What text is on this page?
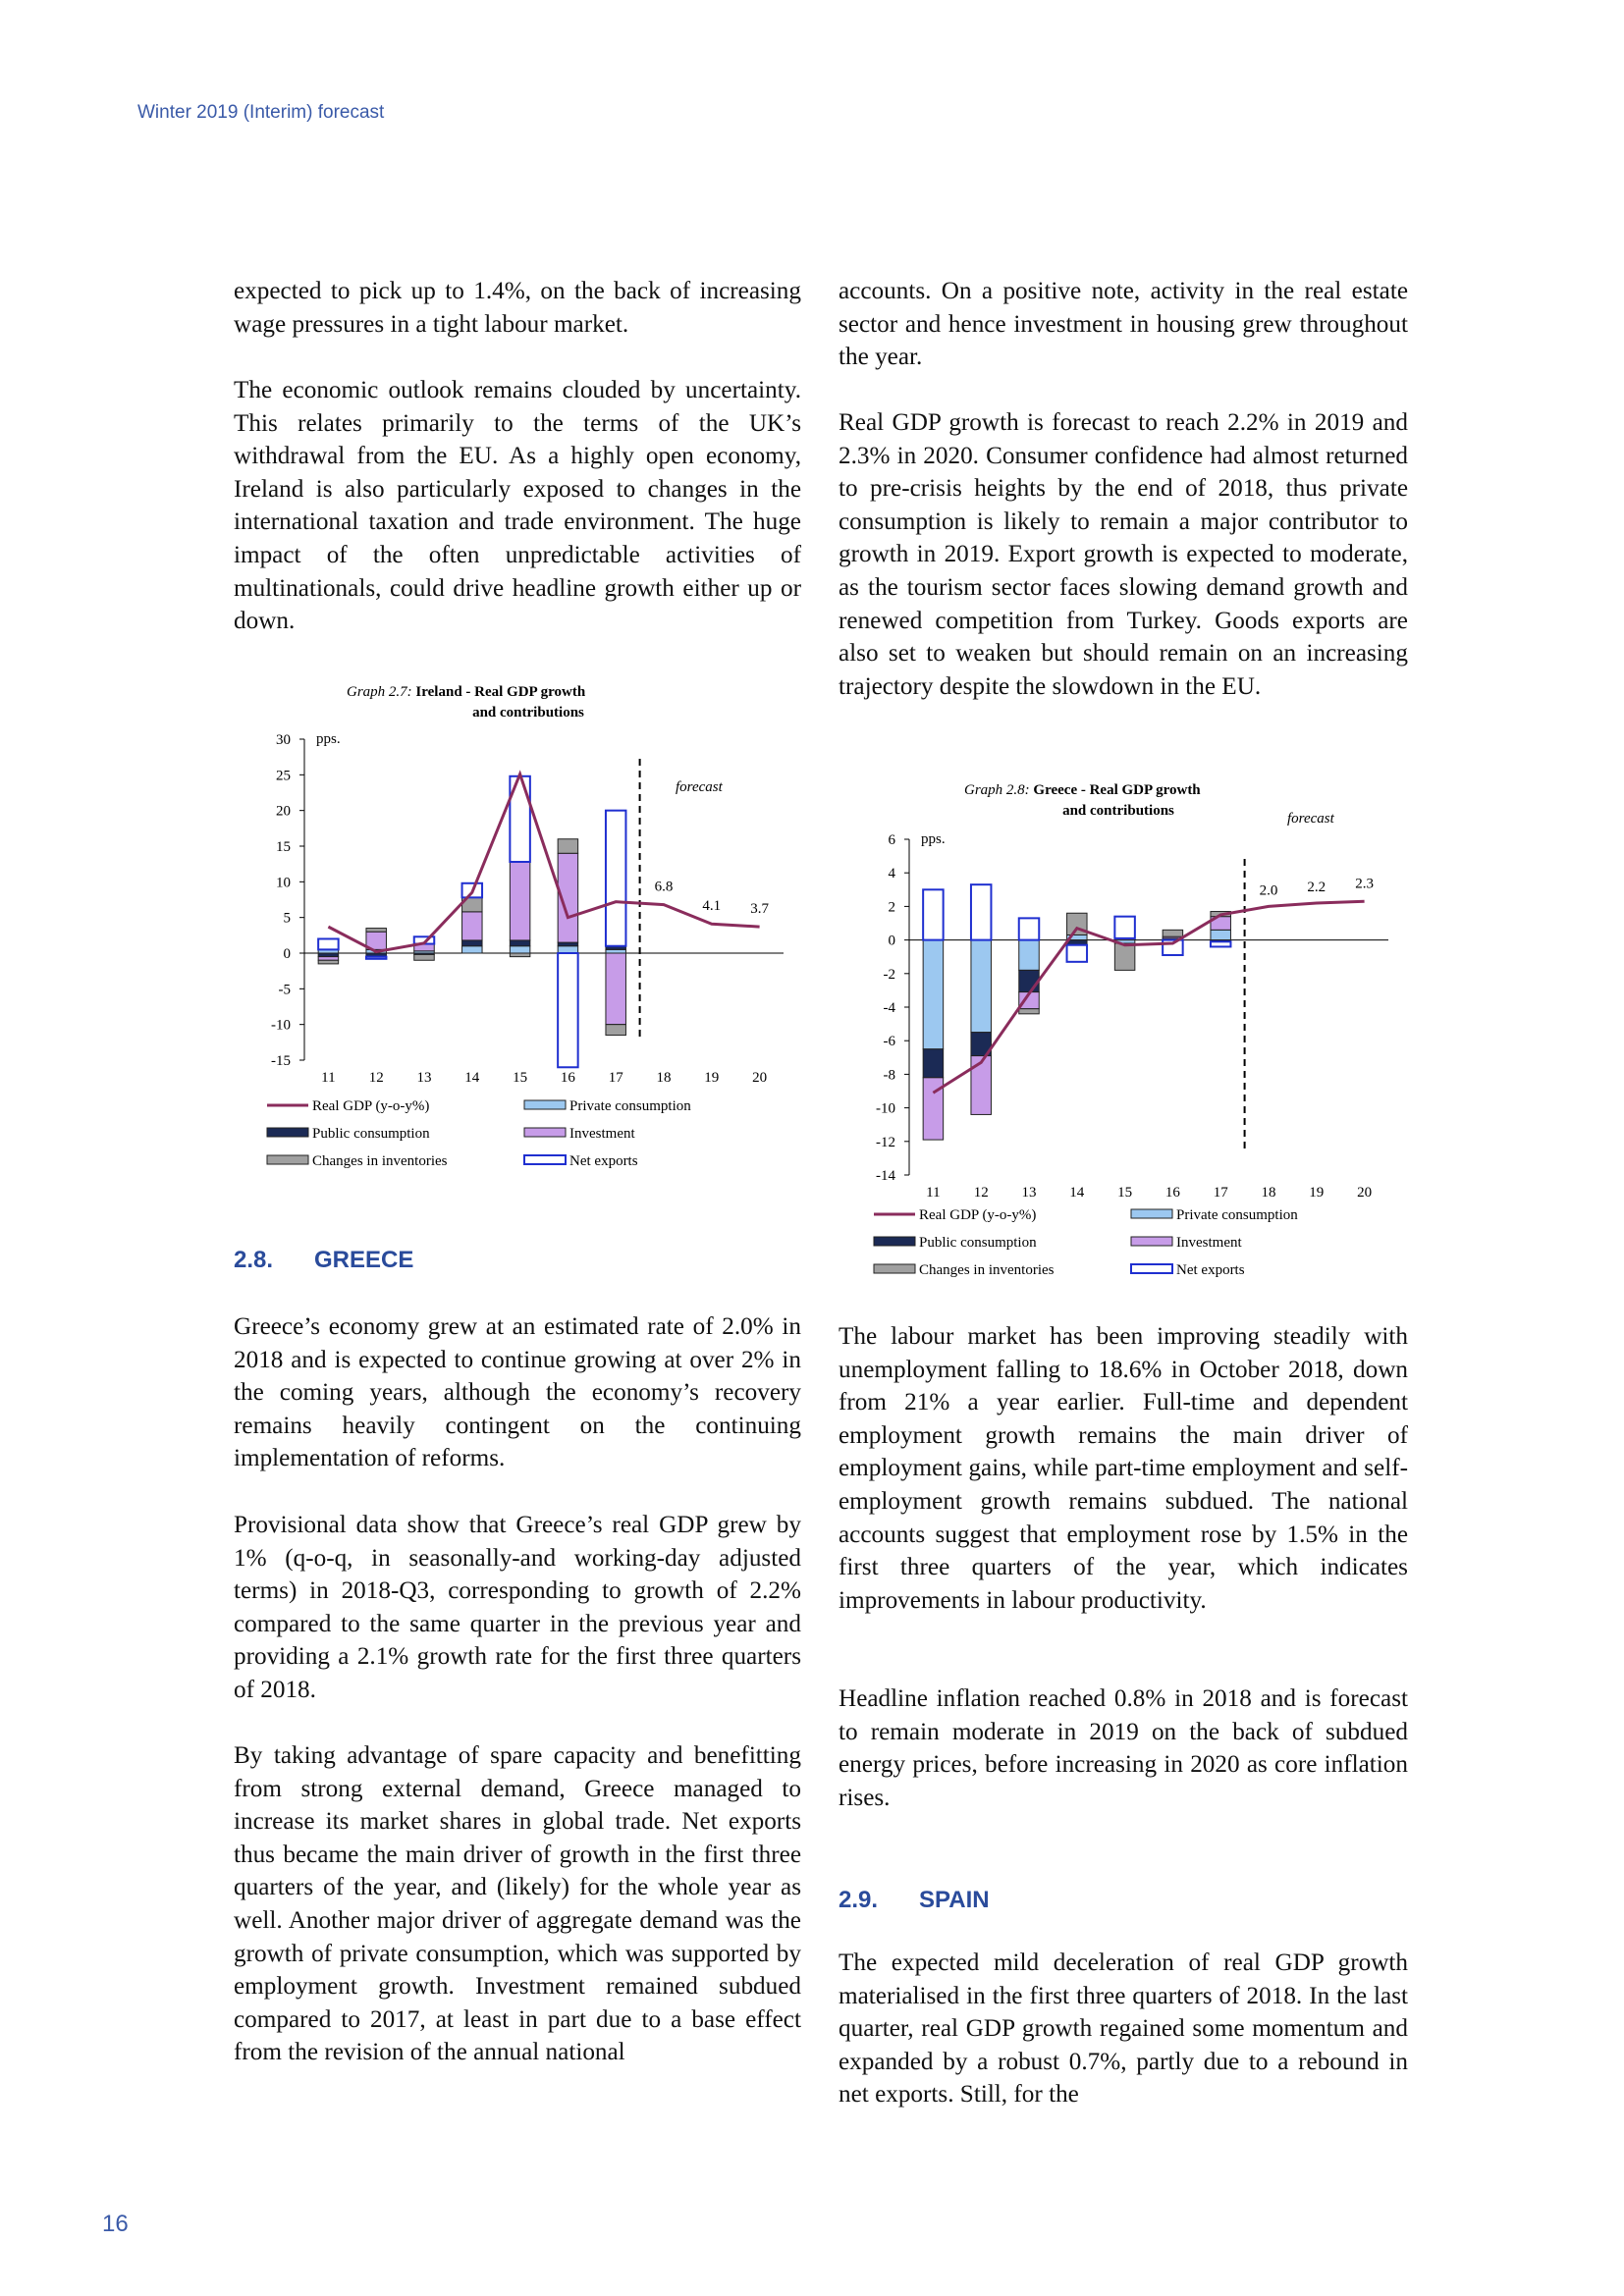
Winter 2019 (Interim) forecast

expected to pick up to 1.4%, on the back of increasing wage pressures in a tight labour market.

The economic outlook remains clouded by uncertainty. This relates primarily to the terms of the UK’s withdrawal from the EU. As a highly open economy, Ireland is also particularly exposed to changes in the international taxation and trade environment. The huge impact of the often unpredictable activities of multinationals, could drive headline growth either up or down.

Graph 2.7: Ireland - Real GDP growth
and contributions
-15
-10
-5
0
5
10
15
20
25
30 pps.
11 12 13 14 15 16 17 18 19 20
forecast
6.8
4.1 3.7
Real GDP (y-o-y%)	Private consumption
Public consumption	Investment
Changes in inventories	Net exports
2.8. GREECE

Greece’s economy grew at an estimated rate of 2.0% in 2018 and is expected to continue growing at over 2% in the coming years, although the economy’s recovery remains heavily contingent on the continuing implementation of reforms.

Provisional data show that Greece’s real GDP grew by 1% (q-o-q, in seasonally-and working-day adjusted terms) in 2018-Q3, corresponding to growth of 2.2% compared to the same quarter in the previous year and providing a 2.1% growth rate for the first three quarters of 2018.

By taking advantage of spare capacity and benefitting from strong external demand, Greece managed to increase its market shares in global trade. Net exports thus became the main driver of growth in the first three quarters of the year, and (likely) for the whole year as well. Another major driver of aggregate demand was the growth of private consumption, which was supported by employment growth. Investment remained subdued compared to 2017, at least in part due to a base effect from the revision of the annual national

accounts. On a positive note, activity in the real estate sector and hence investment in housing grew throughout the year.

Real GDP growth is forecast to reach 2.2% in 2019 and 2.3% in 2020. Consumer confidence had almost returned to pre-crisis heights by the end of 2018, thus private consumption is likely to remain a major contributor to growth in 2019. Export growth is expected to moderate, as the tourism sector faces slowing demand growth and renewed competition from Turkey. Goods exports are also set to weaken but should remain on an increasing trajectory despite the slowdown in the EU.

Graph 2.8: Greece - Real GDP growth
and contributions
-14
-12
-10
-8
-6
-4
-2
0
2
4
6 pps.
11 12 13 14 15 16 17 18 19 20
forecast
2.0 2.2 2.3
Real GDP (y-o-y%)	Private consumption
Public consumption	Investment
Changes in inventories	Net exports

The labour market has been improving steadily with unemployment falling to 18.6% in October 2018, down from 21% a year earlier. Full-time and dependent employment growth remains the main driver of employment gains, while part-time employment and self-employment growth remains subdued. The national accounts suggest that employment rose by 1.5% in the first three quarters of the year, which indicates improvements in labour productivity.

Headline inflation reached 0.8% in 2018 and is forecast to remain moderate in 2019 on the back of subdued energy prices, before increasing in 2020 as core inflation rises.

2.9. SPAIN

The expected mild deceleration of real GDP growth materialised in the first three quarters of 2018. In the last quarter, real GDP growth regained some momentum and expanded by a robust 0.7%, partly due to a rebound in net exports. Still, for the

16
